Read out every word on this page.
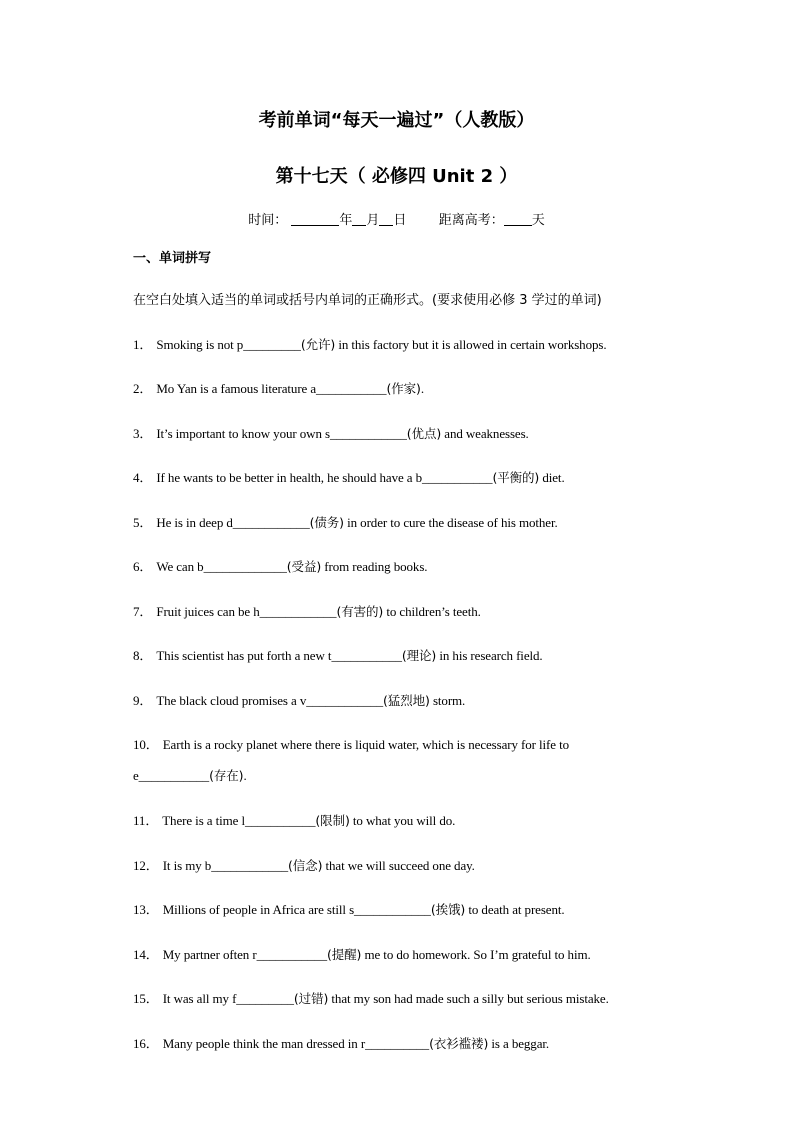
考前单词“每天一遍过”（人教版）
第十七天（ 必修四 Unit 2 ）
时间：	年 月 日 距离高考： 天
一、单词拼写
在空白处填入适当的单词或括号内单词的正确形式。(要求使用必修 3 学过的单词)
1． Smoking is not p_________(允许) in this factory but it is allowed in certain workshops.
2． Mo Yan is a famous literature a___________(作家).
3． It’s important to know your own s____________(优点) and weaknesses.
4． If he wants to be better in health, he should have a b___________(平衡的) diet.
5． He is in deep d____________(债务) in order to cure the disease of his mother.
6． We can b_____________(受益) from reading books.
7． Fruit juices can be h____________(有害的) to children’s teeth.
8． This scientist has put forth a new t___________(理论) in his research field.
9． The black cloud promises a v____________(猛烈地) storm.
10． Earth is a rocky planet where there is liquid water, which is necessary for life to
e___________(存在).
11． There is a time l___________(限制) to what you will do.
12． It is my b____________(信念) that we will succeed one day.
13． Millions of people in Africa are still s____________(挨饿) to death at present.
14． My partner often r___________(提醒) me to do homework. So I’m grateful to him.
15． It was all my f_________(过错) that my son had made such a silly but serious mistake.
16． Many people think the man dressed in r__________(衣衫褴褛) is a beggar.
